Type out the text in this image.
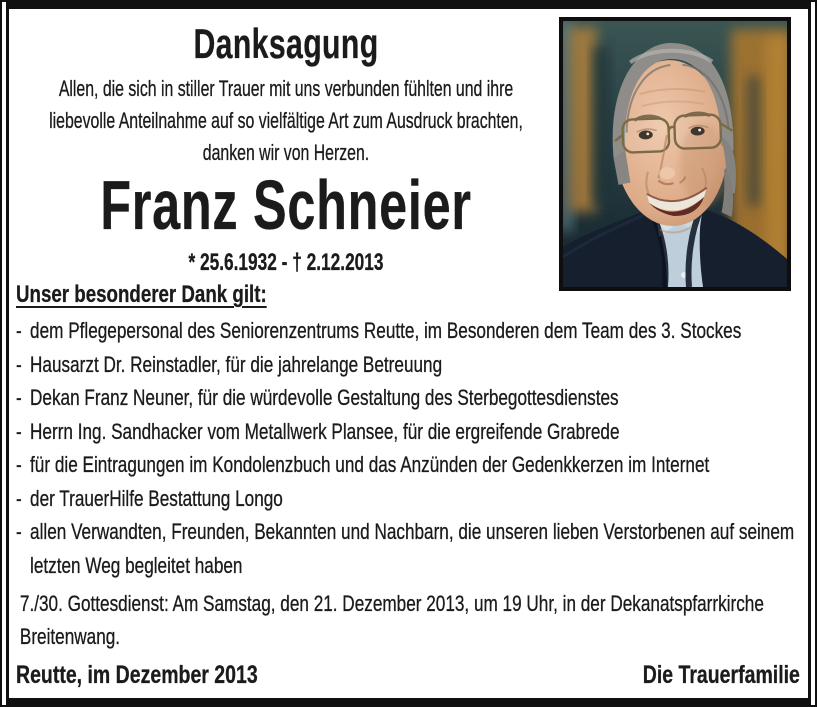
Danksagung
Allen, die sich in stiller Trauer mit uns verbunden fühlten und ihre
liebevolle Anteilnahme auf so vielfältige Art zum Ausdruck brachten,
danken wir von Herzen.
Franz Schneier
* 25.6.1932 - † 2.12.2013
Unser besonderer Dank gilt:
- dem Pflegepersonal des Seniorenzentrums Reutte, im Besonderen dem Team des 3. Stockes
- Hausarzt Dr. Reinstadler, für die jahrelange Betreuung
- Dekan Franz Neuner, für die würdevolle Gestaltung des Sterbegottesdienstes
- Herrn Ing. Sandhacker vom Metallwerk Plansee, für die ergreifende Grabrede
- für die Eintragungen im Kondolenzbuch und das Anzünden der Gedenkkerzen im Internet
- der TrauerHilfe Bestattung Longo
- allen Verwandten, Freunden, Bekannten und Nachbarn, die unseren lieben Verstorbenen auf seinem letzten Weg begleitet haben
7./30. Gottesdienst: Am Samstag, den 21. Dezember 2013, um 19 Uhr, in der Dekanatspfarrkirche Breitenwang.
Reutte, im Dezember 2013	Die Trauerfamilie
